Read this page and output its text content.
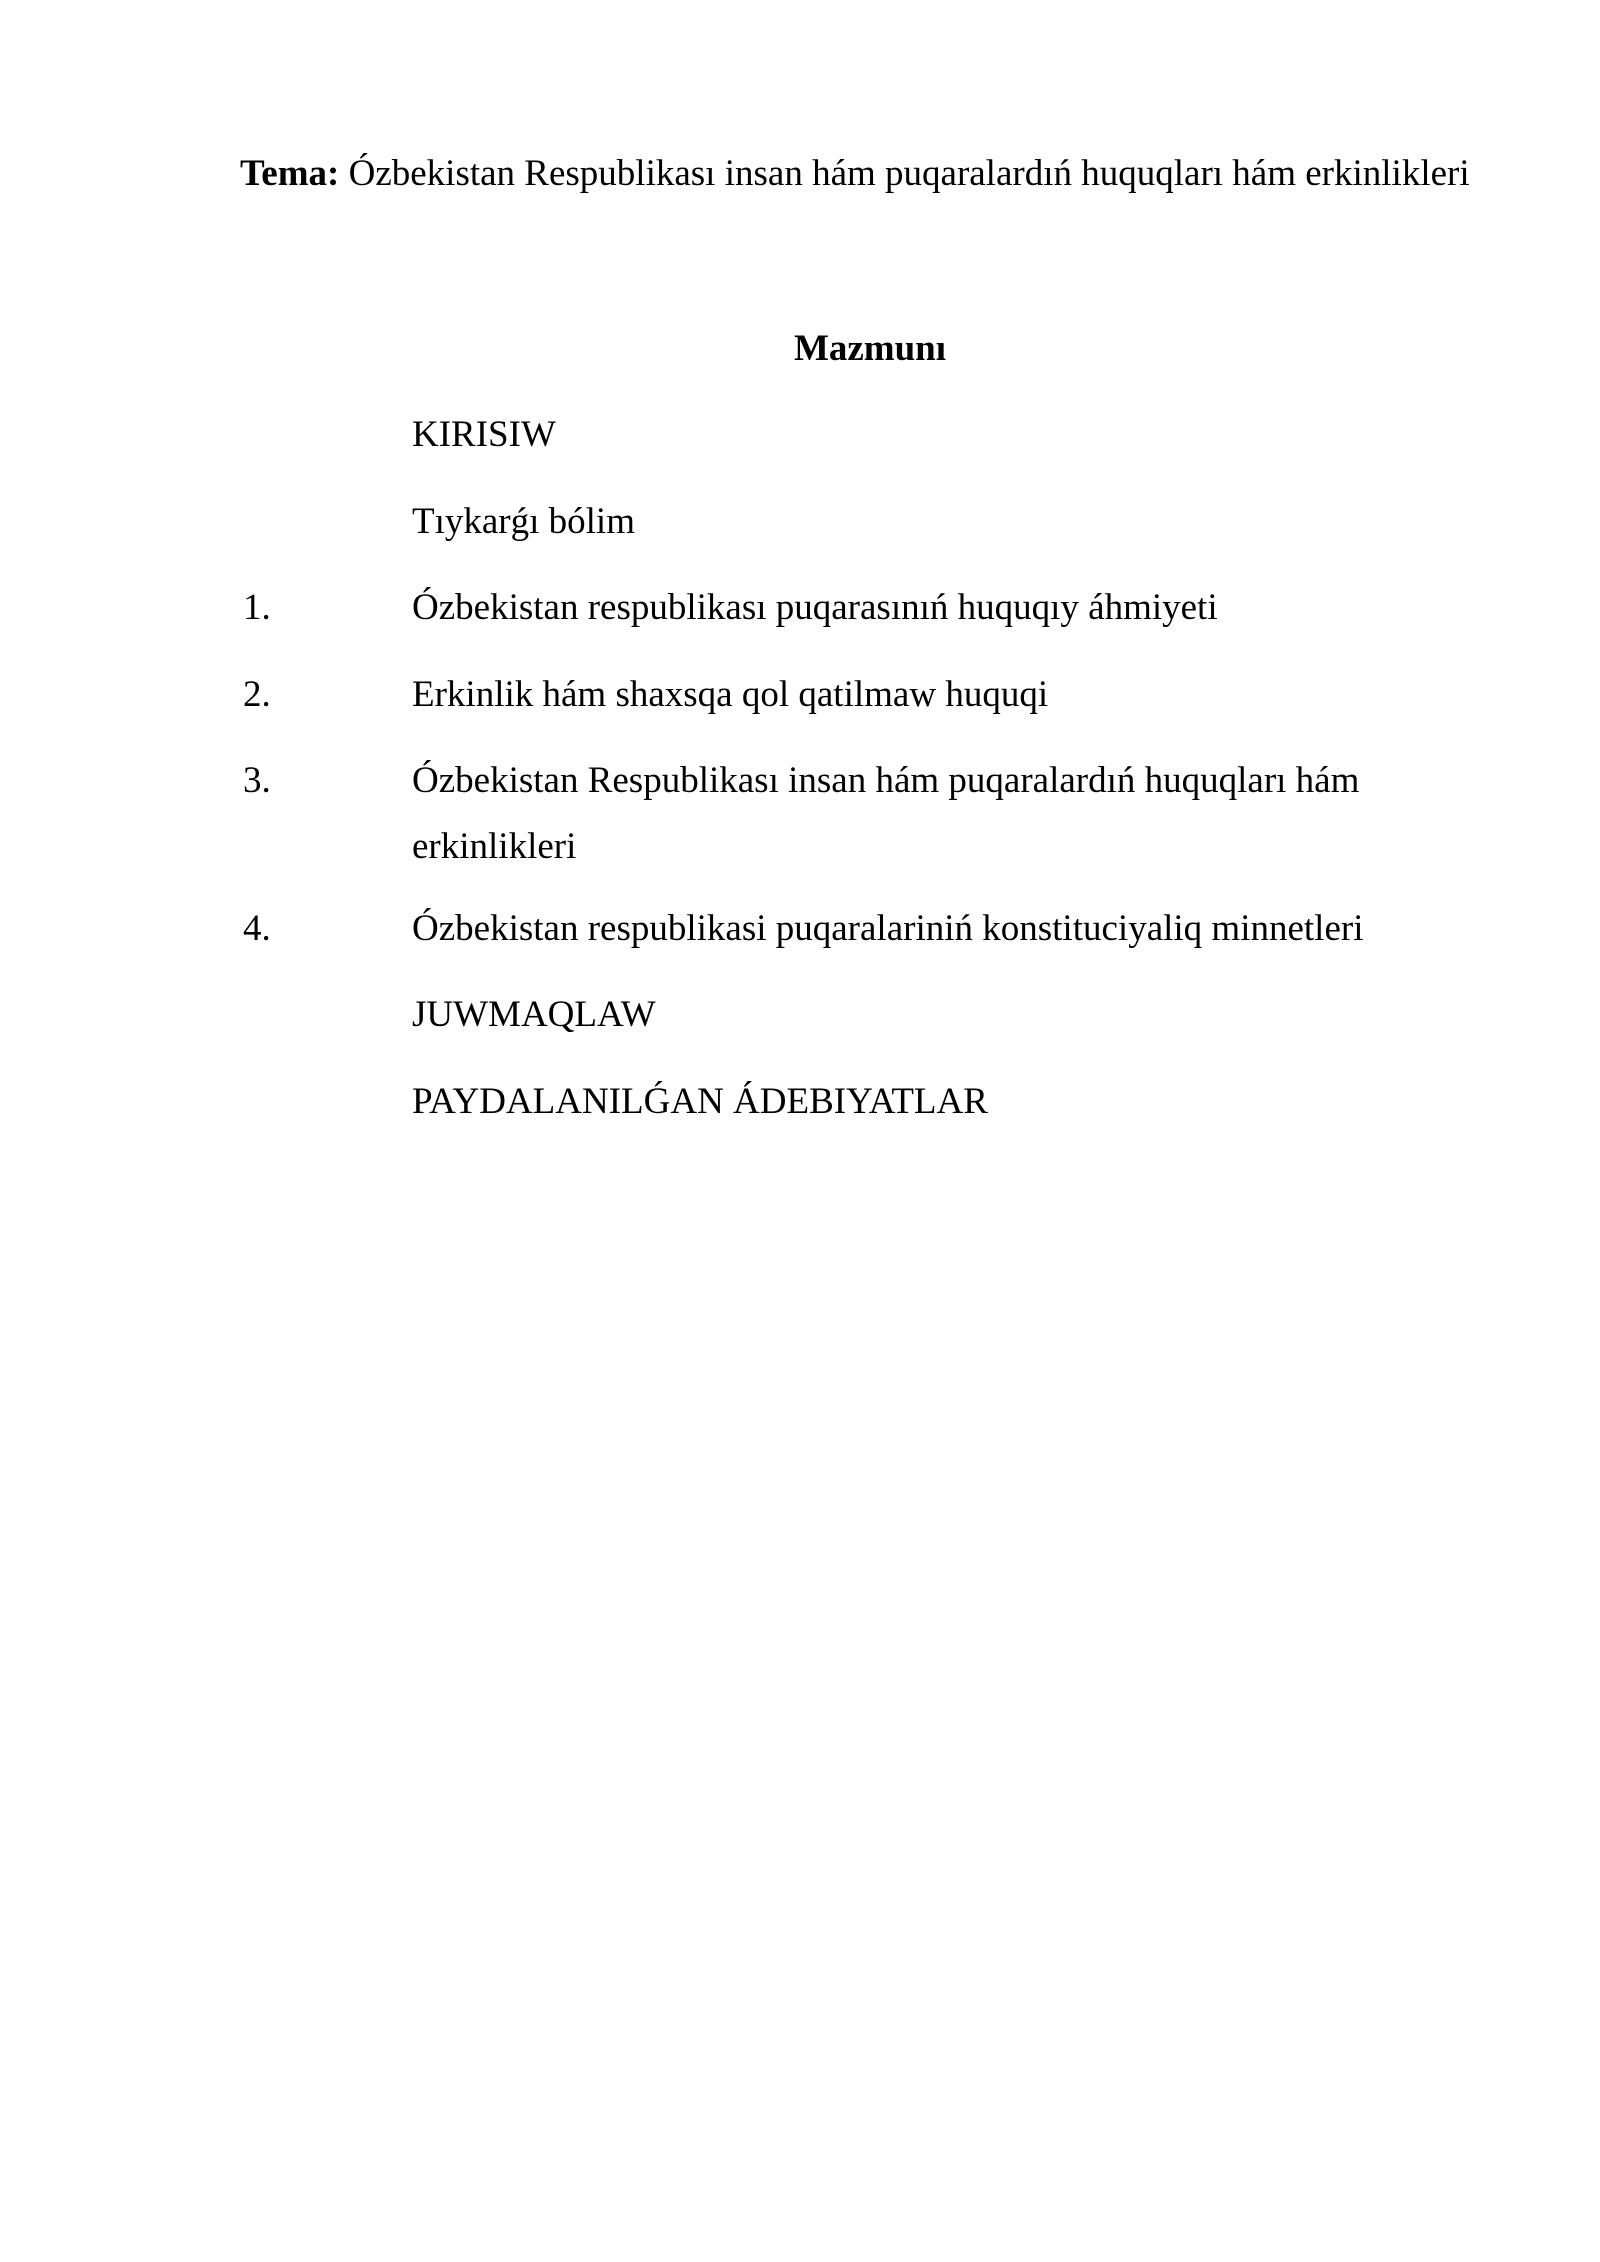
Tema: Ózbekistan Respublikası insan hám puqaralardıń huquqları hám erkinlikleri
Mazmunı
KIRISIW
Tıykarǵı bólim
1.	Ózbekistan respublikası puqarasınıń huquqıy áhmiyeti
2.	Erkinlik hám shaxsqa qol qatilmaw huquqi
3.	Ózbekistan Respublikası insan hám puqaralardıń huquqları hám erkinlikleri
4.	Ózbekistan respublikasi puqaralariniń konstituciyaliq minnetleri
JUWMAQLAW
PAYDALANILǴAN ÁDEBIYATLAR
